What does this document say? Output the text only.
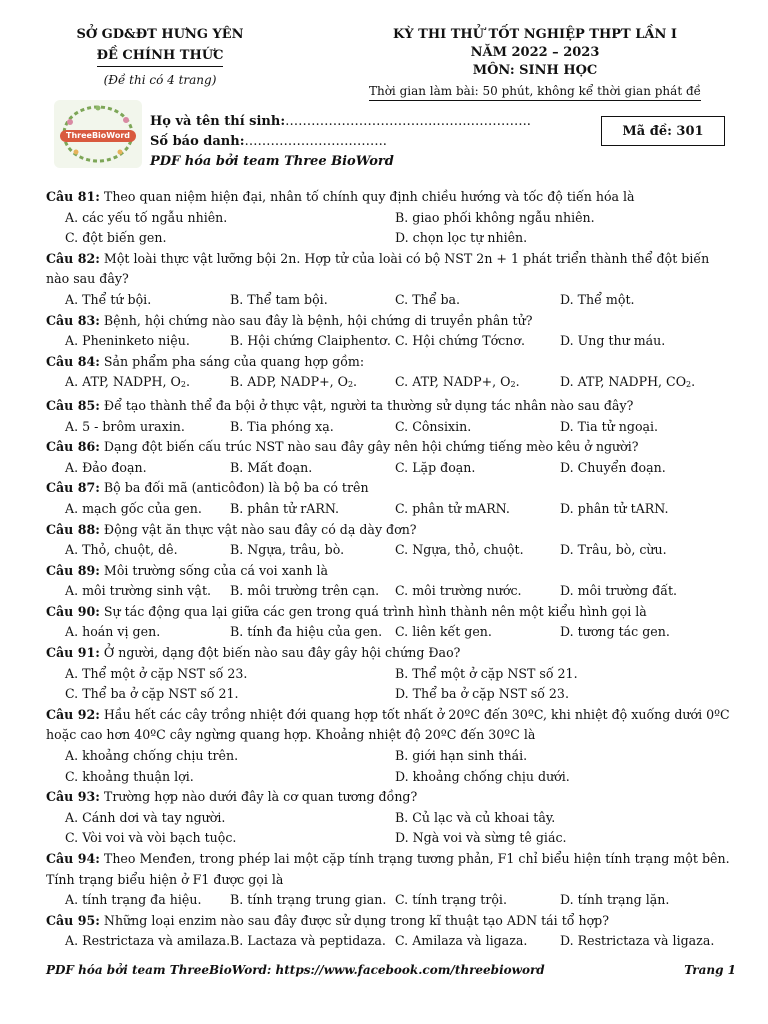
SỞ GD&ĐT HƯNG YÊN
ĐỀ CHÍNH THỨC
(Đề thi có 4 trang)
KỲ THI THỬ TỐT NGHIỆP THPT LẦN I
NĂM 2022 – 2023
MÔN: SINH HỌC
Thời gian làm bài: 50 phút, không kể thời gian phát đề
ThreeBioWord
Họ và tên thí sinh:……………………………..……..…………..
Số báo danh:…………………….……..
PDF hóa bởi team Three BioWord
Mã đề: 301
Câu 81: Theo quan niệm hiện đại, nhân tố chính quy định chiều hướng và tốc độ tiến hóa là
A. các yếu tố ngẫu nhiên.	B. giao phối không ngẫu nhiên.
C. đột biến gen.	D. chọn lọc tự nhiên.
Câu 82: Một loài thực vật lưỡng bội 2n. Hợp tử của loài có bộ NST 2n + 1 phát triển thành thể đột biến nào sau đây?
A. Thể tứ bội.	B. Thể tam bội.	C. Thể ba.	D. Thể một.
Câu 83: Bệnh, hội chứng nào sau đây là bệnh, hội chứng di truyền phân tử?
A. Pheninketo niệu.	B. Hội chứng Claiphentơ. C. Hội chứng Tớcnơ.	D. Ung thư máu.
Câu 84: Sản phẩm pha sáng của quang hợp gồm:
A. ATP, NADPH, $O_2$.	B. ADP, NADP+, $O_2$.	C. ATP, NADP+, $O_2$.	D. ATP, NADPH, $CO_2$.
Câu 85: Để tạo thành thể đa bội ở thực vật, người ta thường sử dụng tác nhân nào sau đây?
A. 5 - brôm uraxin.	B. Tia phóng xạ.	C. Cônsixin.	D. Tia tử ngoại.
Câu 86: Dạng đột biến cấu trúc NST nào sau đây gây nên hội chứng tiếng mèo kêu ở người?
A. Đảo đoạn.	B. Mất đoạn.	C. Lặp đoạn.	D. Chuyển đoạn.
Câu 87: Bộ ba đối mã (anticôđon) là bộ ba có trên
A. mạch gốc của gen.	B. phân tử rARN.	C. phân tử mARN.	D. phân tử tARN.
Câu 88: Động vật ăn thực vật nào sau đây có dạ dày đơn?
A. Thỏ, chuột, dê.	B. Ngựa, trâu, bò.	C. Ngựa, thỏ, chuột.	D. Trâu, bò, cừu.
Câu 89: Môi trường sống của cá voi xanh là
A. môi trường sinh vật.	B. môi trường trên cạn.	C. môi trường nước.	D. môi trường đất.
Câu 90: Sự tác động qua lại giữa các gen trong quá trình hình thành nên một kiểu hình gọi là
A. hoán vị gen.	B. tính đa hiệu của gen.	C. liên kết gen.	D. tương tác gen.
Câu 91: Ở người, dạng đột biến nào sau đây gây hội chứng Đao?
A. Thể một ở cặp NST số 23.	B. Thể một ở cặp NST số 21.
C. Thể ba ở cặp NST số 21.	D. Thể ba ở cặp NST số 23.
Câu 92: Hầu hết các cây trồng nhiệt đới quang hợp tốt nhất ở 20ºC đến 30ºC, khi nhiệt độ xuống dưới 0ºC hoặc cao hơn 40ºC cây ngừng quang hợp. Khoảng nhiệt độ 20ºC đến 30ºC là
A. khoảng chống chịu trên.	B. giới hạn sinh thái.
C. khoảng thuận lợi.	D. khoảng chống chịu dưới.
Câu 93: Trường hợp nào dưới đây là cơ quan tương đồng?
A. Cánh dơi và tay người.	B. Củ lạc và củ khoai tây.
C. Vòi voi và vòi bạch tuộc.	D. Ngà voi và sừng tê giác.
Câu 94: Theo Menđen, trong phép lai một cặp tính trạng tương phản, F1 chỉ biểu hiện tính trạng một bên. Tính trạng biểu hiện ở F1 được gọi là
A. tính trạng đa hiệu.	B. tính trạng trung gian. C. tính trạng trội.	D. tính trạng lặn.
Câu 95: Những loại enzim nào sau đây được sử dụng trong kĩ thuật tạo ADN tái tổ hợp?
A. Restrictaza và amilaza. B. Lactaza và peptidaza. C. Amilaza và ligaza.	D. Restrictaza và ligaza.
PDF hóa bởi team ThreeBioWord: https://www.facebook.com/threebioword	Trang 1
